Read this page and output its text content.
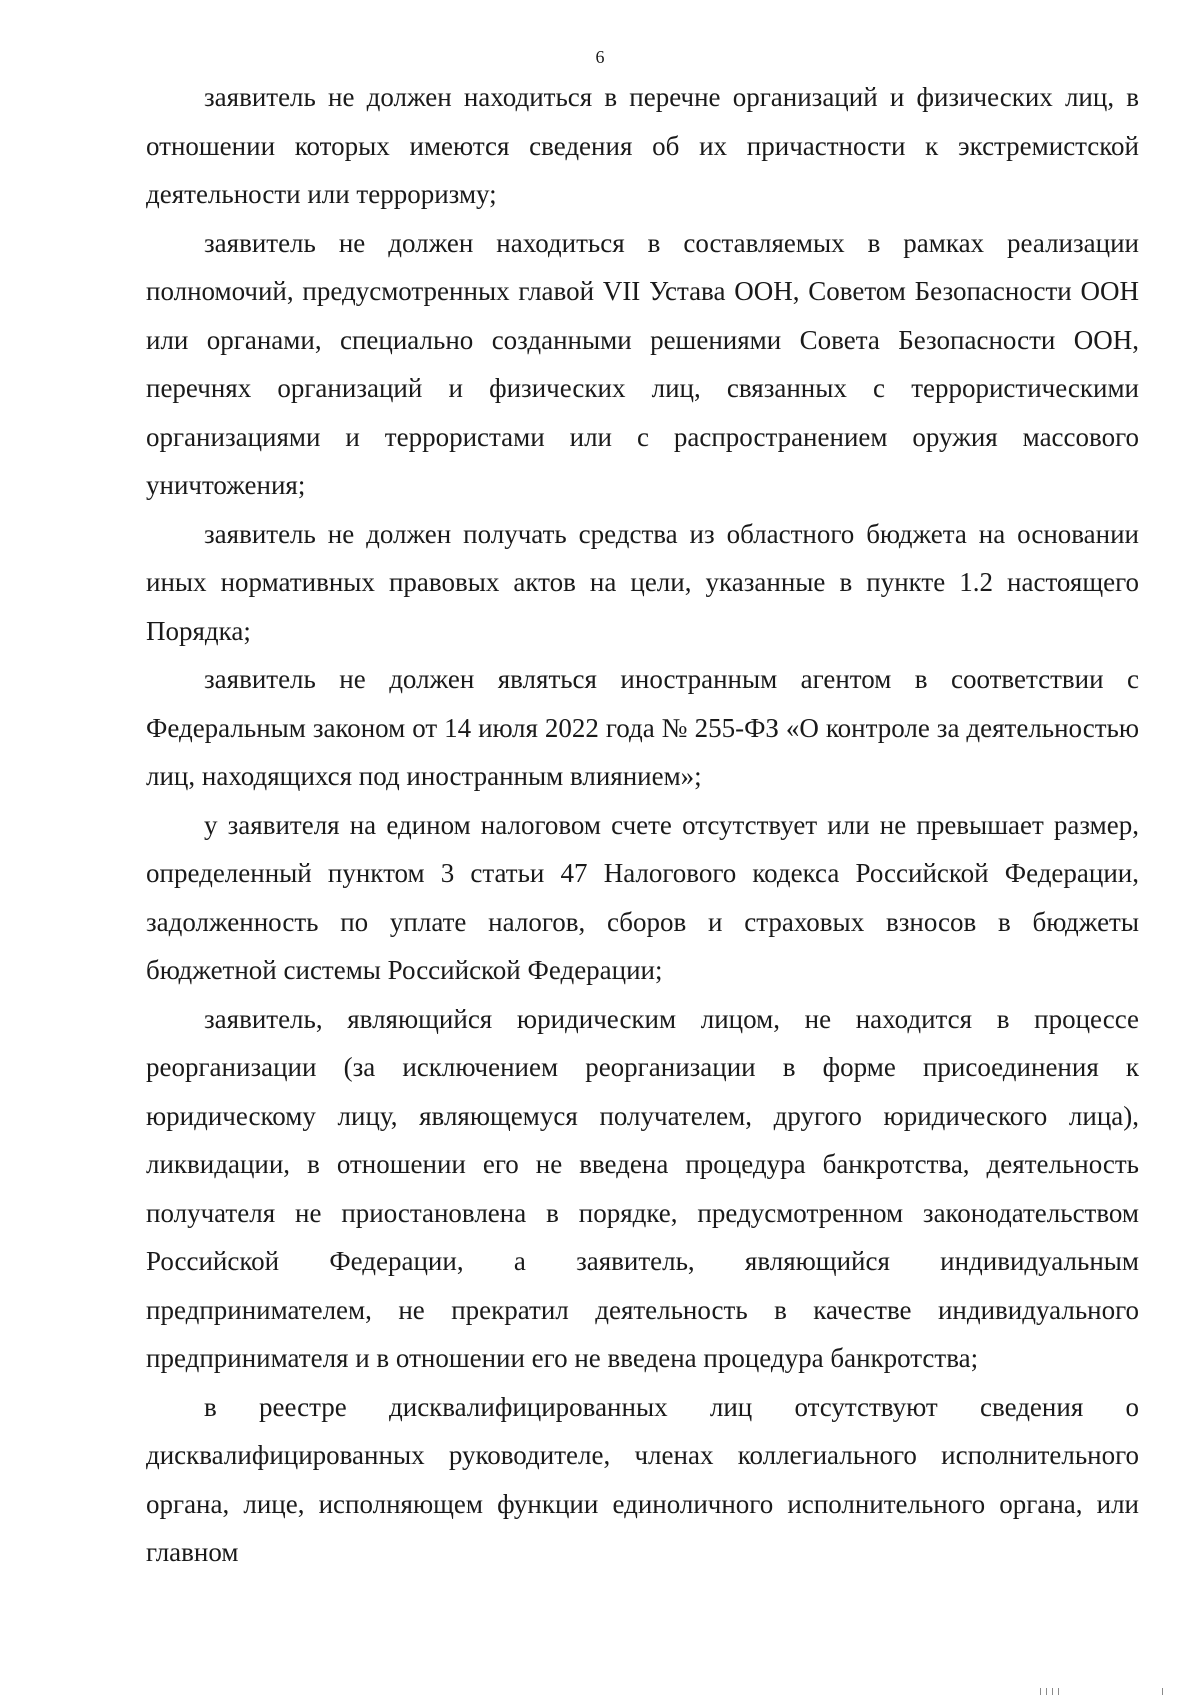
6

заявитель не должен находиться в перечне организаций и физических лиц, в отношении которых имеются сведения об их причастности к экстремистской деятельности или терроризму;

заявитель не должен находиться в составляемых в рамках реализации полномочий, предусмотренных главой VII Устава ООН, Советом Безопасности ООН или органами, специально созданными решениями Совета Безопасности ООН, перечнях организаций и физических лиц, связанных с террористическими организациями и террористами или с распространением оружия массового уничтожения;

заявитель не должен получать средства из областного бюджета на основании иных нормативных правовых актов на цели, указанные в пункте 1.2 настоящего Порядка;

заявитель не должен являться иностранным агентом в соответствии с Федеральным законом от 14 июля 2022 года № 255-ФЗ «О контроле за деятельностью лиц, находящихся под иностранным влиянием»;

у заявителя на едином налоговом счете отсутствует или не превышает размер, определенный пунктом 3 статьи 47 Налогового кодекса Российской Федерации, задолженность по уплате налогов, сборов и страховых взносов в бюджеты бюджетной системы Российской Федерации;

заявитель, являющийся юридическим лицом, не находится в процессе реорганизации (за исключением реорганизации в форме присоединения к юридическому лицу, являющемуся получателем, другого юридического лица), ликвидации, в отношении его не введена процедура банкротства, деятельность получателя не приостановлена в порядке, предусмотренном законодательством Российской Федерации, а заявитель, являющийся индивидуальным предпринимателем, не прекратил деятельность в качестве индивидуального предпринимателя и в отношении его не введена процедура банкротства;

в реестре дисквалифицированных лиц отсутствуют сведения о дисквалифицированных руководителе, членах коллегиального исполнительного органа, лице, исполняющем функции единоличного исполнительного органа, или главном
